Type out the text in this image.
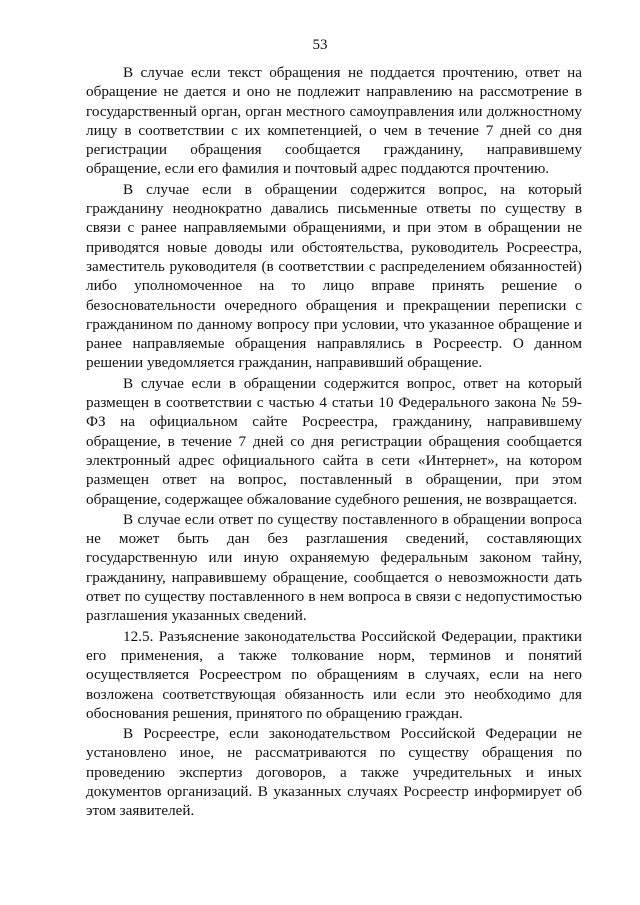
53

В случае если текст обращения не поддается прочтению, ответ на обращение не дается и оно не подлежит направлению на рассмотрение в государственный орган, орган местного самоуправления или должностному лицу в соответствии с их компетенцией, о чем в течение 7 дней со дня регистрации обращения сообщается гражданину, направившему обращение, если его фамилия и почтовый адрес поддаются прочтению.

В случае если в обращении содержится вопрос, на который гражданину неоднократно давались письменные ответы по существу в связи с ранее направляемыми обращениями, и при этом в обращении не приводятся новые доводы или обстоятельства, руководитель Росреестра, заместитель руководителя (в соответствии с распределением обязанностей) либо уполномоченное на то лицо вправе принять решение о безосновательности очередного обращения и прекращении переписки с гражданином по данному вопросу при условии, что указанное обращение и ранее направляемые обращения направлялись в Росреестр. О данном решении уведомляется гражданин, направивший обращение.

В случае если в обращении содержится вопрос, ответ на который размещен в соответствии с частью 4 статьи 10 Федерального закона № 59-ФЗ на официальном сайте Росреестра, гражданину, направившему обращение, в течение 7 дней со дня регистрации обращения сообщается электронный адрес официального сайта в сети «Интернет», на котором размещен ответ на вопрос, поставленный в обращении, при этом обращение, содержащее обжалование судебного решения, не возвращается.

В случае если ответ по существу поставленного в обращении вопроса не может быть дан без разглашения сведений, составляющих государственную или иную охраняемую федеральным законом тайну, гражданину, направившему обращение, сообщается о невозможности дать ответ по существу поставленного в нем вопроса в связи с недопустимостью разглашения указанных сведений.

12.5. Разъяснение законодательства Российской Федерации, практики его применения, а также толкование норм, терминов и понятий осуществляется Росреестром по обращениям в случаях, если на него возложена соответствующая обязанность или если это необходимо для обоснования решения, принятого по обращению граждан.

В Росреестре, если законодательством Российской Федерации не установлено иное, не рассматриваются по существу обращения по проведению экспертиз договоров, а также учредительных и иных документов организаций. В указанных случаях Росреестр информирует об этом заявителей.
